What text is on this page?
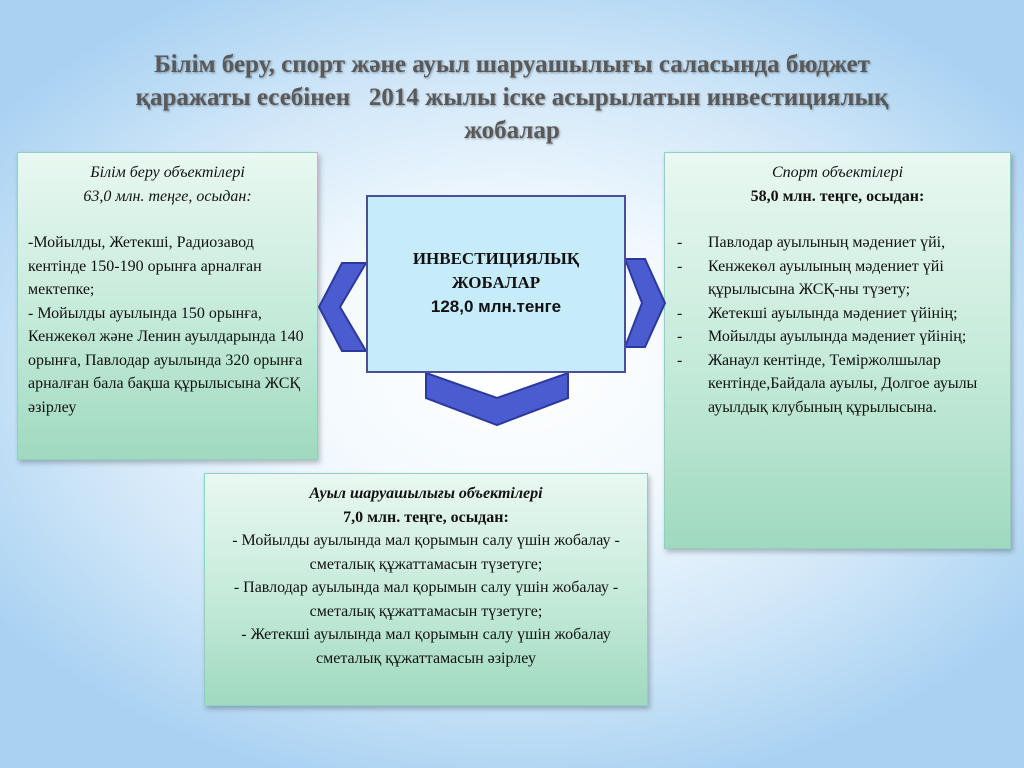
Білім беру, спорт және ауыл шаруашылығы саласында бюджет
қаражаты есебінен   2014 жылы іске асырылатын инвестициялық
жобалар
ИНВЕСТИЦИЯЛЫҚ
ЖОБАЛАР
128,0 млн.тенге

Білім беру объектілері

63,0 млн. теңге, осыдан:

-Мойылды, Жетекші, Радиозавод кентінде 150-190 орынға арналған мектепке;

- Мойылды ауылында 150 орынға, Кенжекөл және Ленин ауылдарында 140 орынға, Павлодар ауылында 320 орынға арналған бала бақша құрылысына ЖСҚ әзірлеу

Спорт объектілері

58,0 млн. теңге, осыдан:

- Павлодар ауылының мәдениет үйі,
- Кенжекөл ауылының мәдениет үйі құрылысына ЖСҚ-ны түзету;
- Жетекші ауылында мәдениет үйінің;
- Мойылды ауылында мәдениет үйінің;
- Жанаул кентінде, Теміржолшылар кентінде,Байдала ауылы, Долгое ауылы ауылдық клубының құрылысына.

Ауыл шаруашылығы объектілері

7,0 млн. теңге, осыдан:

- Мойылды ауылында мал қорымын салу үшін жобалау - сметалық құжаттамасын түзетуге;

- Павлодар ауылында мал қорымын салу үшін жобалау - сметалық құжаттамасын түзетуге;

- Жетекші ауылында мал қорымын салу үшін жобалау сметалық құжаттамасын әзірлеу
